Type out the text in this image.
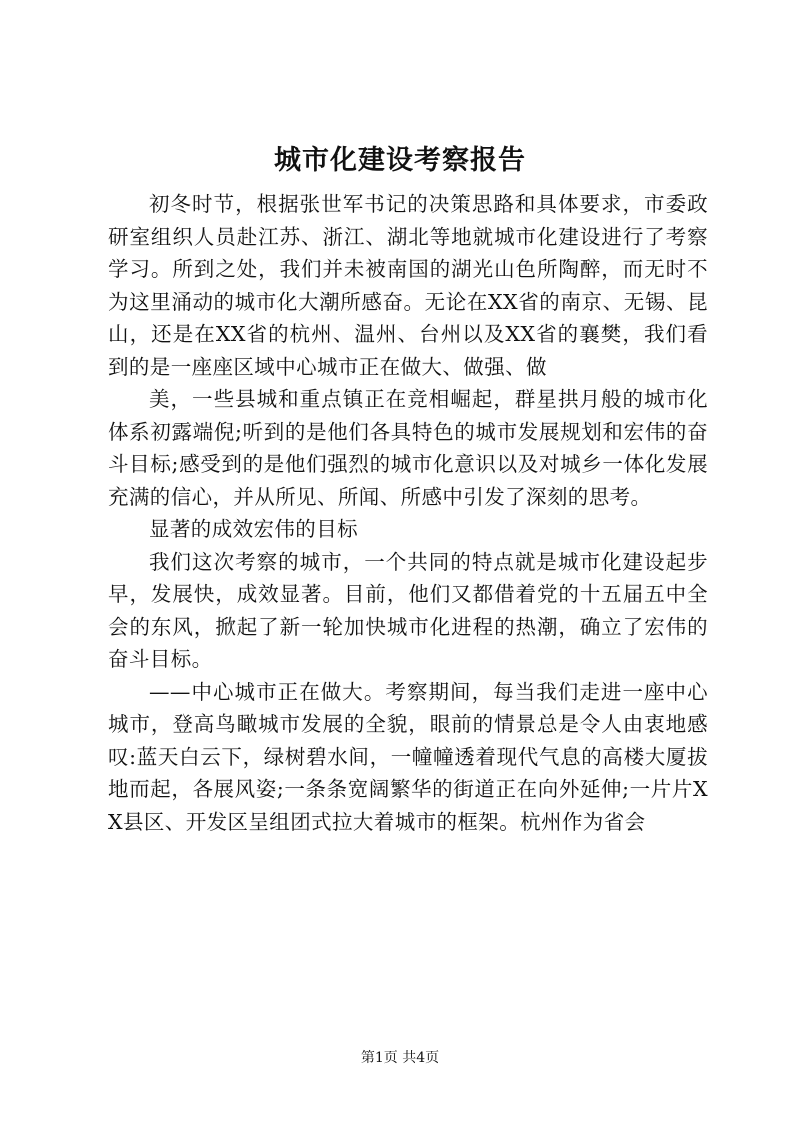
城市化建设考察报告

初冬时节，根据张世军书记的决策思路和具体要求，市委政研室组织人员赴江苏、浙江、湖北等地就城市化建设进行了考察学习。所到之处，我们并未被南国的湖光山色所陶醉，而无时不为这里涌动的城市化大潮所感奋。无论在XX省的南京、无锡、昆山，还是在XX省的杭州、温州、台州以及XX省的襄樊，我们看到的是一座座区域中心城市正在做大、做强、做

美，一些县城和重点镇正在竞相崛起，群星拱月般的城市化体系初露端倪;听到的是他们各具特色的城市发展规划和宏伟的奋斗目标;感受到的是他们强烈的城市化意识以及对城乡一体化发展充满的信心，并从所见、所闻、所感中引发了深刻的思考。

显著的成效宏伟的目标

我们这次考察的城市，一个共同的特点就是城市化建设起步早，发展快，成效显著。目前，他们又都借着党的十五届五中全会的东风，掀起了新一轮加快城市化进程的热潮，确立了宏伟的奋斗目标。

——中心城市正在做大。考察期间，每当我们走进一座中心城市，登高鸟瞰城市发展的全貌，眼前的情景总是令人由衷地感叹:蓝天白云下，绿树碧水间，一幢幢透着现代气息的高楼大厦拔地而起，各展风姿;一条条宽阔繁华的街道正在向外延伸;一片片XX县区、开发区呈组团式拉大着城市的框架。杭州作为省会

第1页 共4页
